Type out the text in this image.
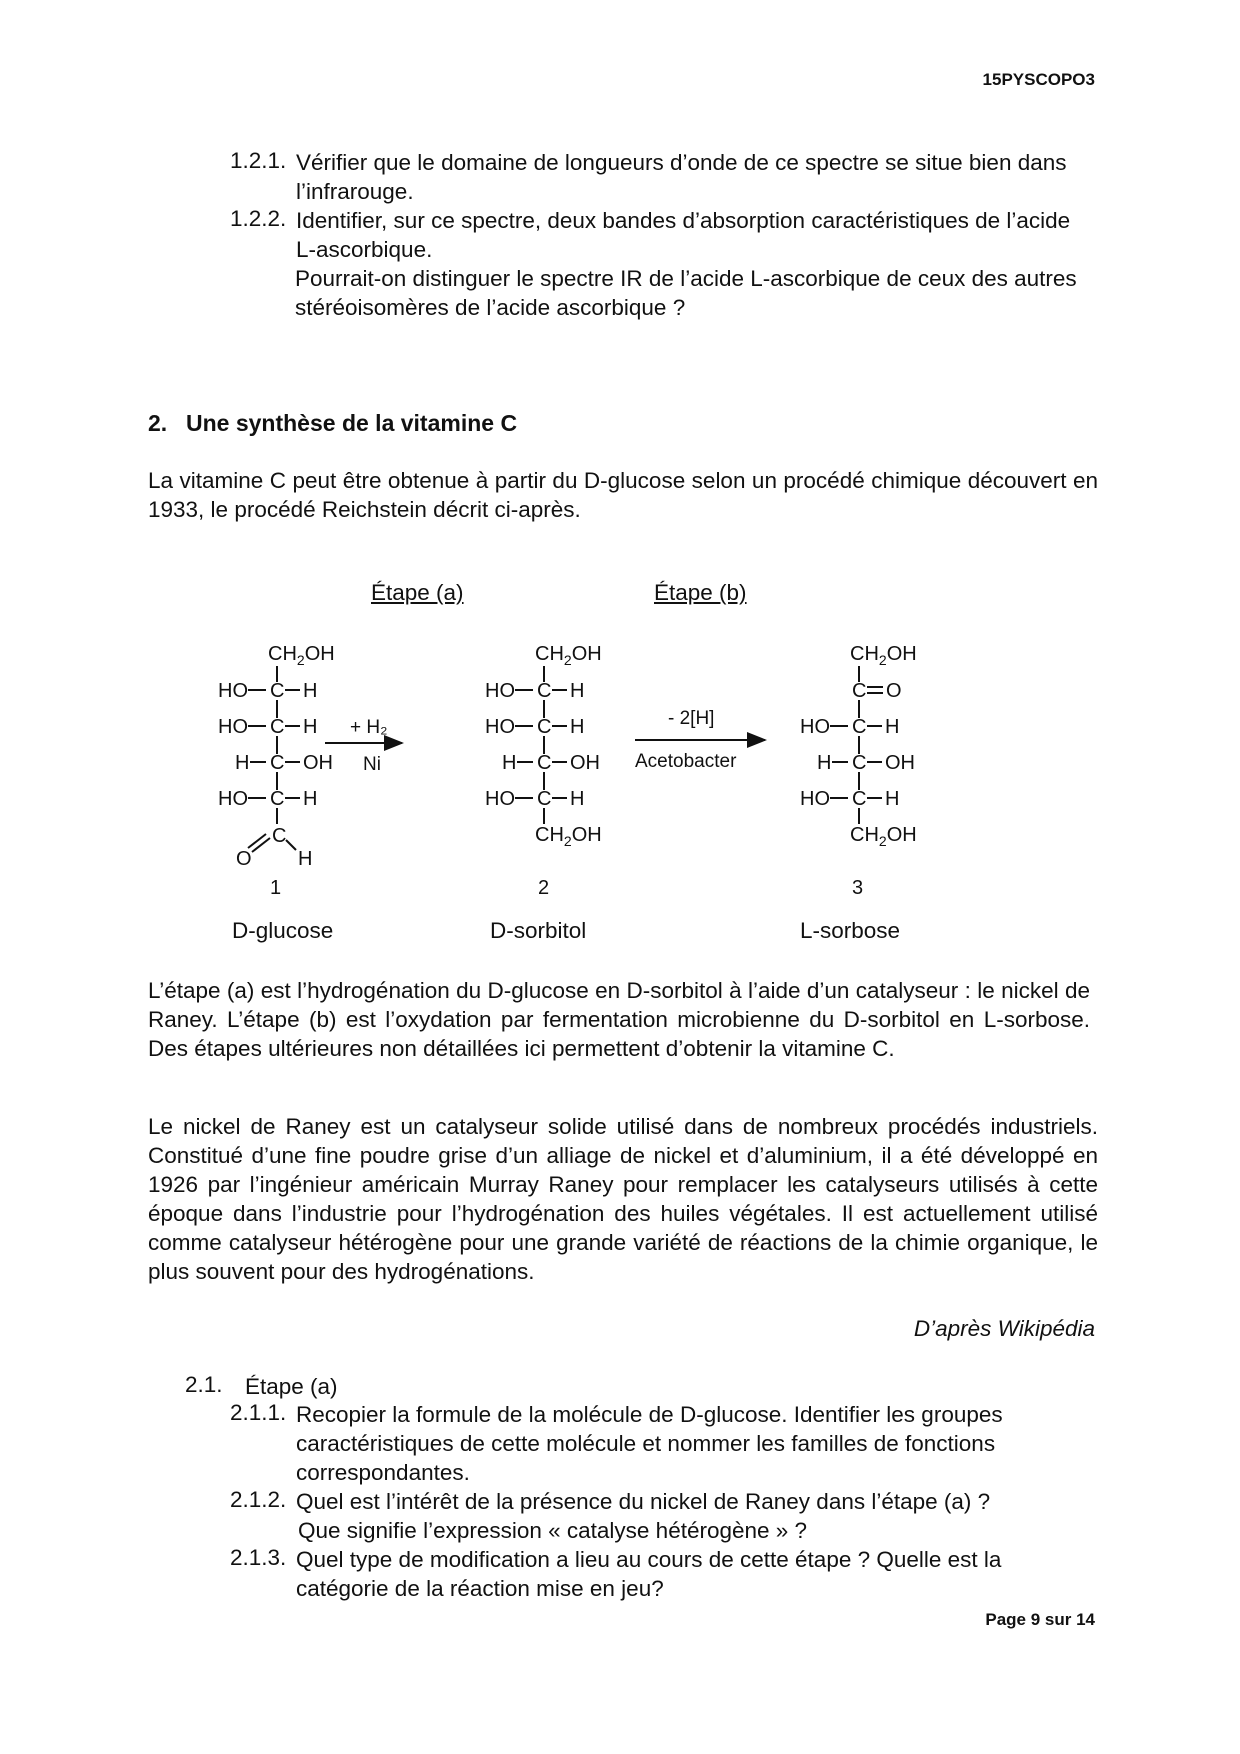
15PYSCOPO3
1.2.1. Vérifier que le domaine de longueurs d’onde de ce spectre se situe bien dans l’infrarouge.
1.2.2. Identifier, sur ce spectre, deux bandes d’absorption caractéristiques de l’acide L-ascorbique.
Pourrait-on distinguer le spectre IR de l’acide L-ascorbique de ceux des autres stéréoisomères de l’acide ascorbique ?
2. Une synthèse de la vitamine C
La vitamine C peut être obtenue à partir du D-glucose selon un procédé chimique découvert en 1933, le procédé Reichstein décrit ci-après.
Étape (a)	Étape (b)
$CH_2OH$
HO C H
HO C H
H C OH
HO C H
C
O H
+ H₂
Ni
$CH_2OH$
HO C H
HO C H
H C OH
HO C H
$CH_2OH$
- 2[H]
Acetobacter
$CH_2OH$
C O
HO C H
H C OH
HO C H
$CH_2OH$
1	2	3
D-glucose	D-sorbitol	L-sorbose
L’étape (a) est l’hydrogénation du D-glucose en D-sorbitol à l’aide d’un catalyseur : le nickel de Raney. L’étape (b) est l’oxydation par fermentation microbienne du D-sorbitol en L-sorbose. Des étapes ultérieures non détaillées ici permettent d’obtenir la vitamine C.
Le nickel de Raney est un catalyseur solide utilisé dans de nombreux procédés industriels. Constitué d’une fine poudre grise d’un alliage de nickel et d’aluminium, il a été développé en 1926 par l’ingénieur américain Murray Raney pour remplacer les catalyseurs utilisés à cette époque dans l’industrie pour l’hydrogénation des huiles végétales. Il est actuellement utilisé comme catalyseur hétérogène pour une grande variété de réactions de la chimie organique, le plus souvent pour des hydrogénations.
D’après Wikipédia
2.1. Étape (a)
2.1.1. Recopier la formule de la molécule de D-glucose. Identifier les groupes caractéristiques de cette molécule et nommer les familles de fonctions correspondantes.
2.1.2. Quel est l’intérêt de la présence du nickel de Raney dans l’étape (a) ?
Que signifie l’expression « catalyse hétérogène » ?
2.1.3. Quel type de modification a lieu au cours de cette étape ? Quelle est la catégorie de la réaction mise en jeu?
Page 9 sur 14
